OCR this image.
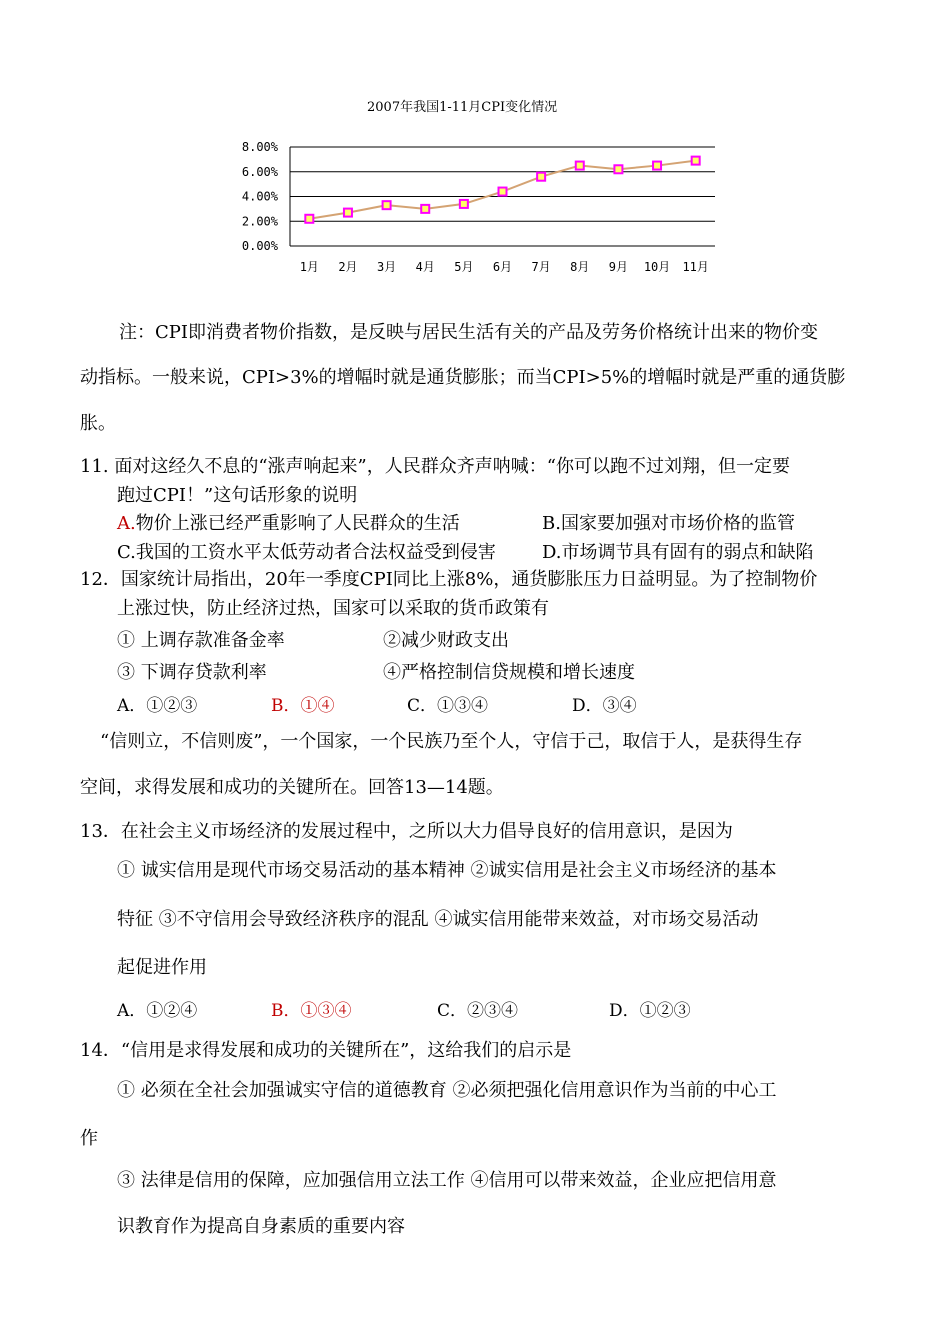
2007年我国1-11月CPI变化情况
8.00%
6.00%
4.00%
2.00%
0.00%
1月 2月 3月 4月 5月 6月 7月 8月 9月 10月 11月
注：CPI即消费者物价指数，是反映与居民生活有关的产品及劳务价格统计出来的物价变
动指标。一般来说，CPI>3%的增幅时就是通货膨胀；而当CPI>5%的增幅时就是严重的通货膨
胀。
11. 面对这经久不息的“涨声响起来”，人民群众齐声呐喊：“你可以跑不过刘翔，但一定要
跑过CPI！”这句话形象的说明
A.物价上涨已经严重影响了人民群众的生活	B.国家要加强对市场价格的监管
C.我国的工资水平太低劳动者合法权益受到侵害	D.市场调节具有固有的弱点和缺陷
12．国家统计局指出，20年一季度CPI同比上涨8%，通货膨胀压力日益明显。为了控制物价
上涨过快，防止经济过热，国家可以采取的货币政策有
① 上调存款准备金率	②减少财政支出
③ 下调存贷款利率	④严格控制信贷规模和增长速度
A．①②③	B．①④	C．①③④	D．③④
“信则立，不信则废”，一个国家，一个民族乃至个人，守信于己，取信于人，是获得生存
空间，求得发展和成功的关键所在。回答13—14题。
13．在社会主义市场经济的发展过程中，之所以大力倡导良好的信用意识，是因为
① 诚实信用是现代市场交易活动的基本精神 ②诚实信用是社会主义市场经济的基本
特征 ③不守信用会导致经济秩序的混乱 ④诚实信用能带来效益，对市场交易活动
起促进作用
A．①②④	B．①③④	C．②③④	D．①②③
14．“信用是求得发展和成功的关键所在”，这给我们的启示是
① 必须在全社会加强诚实守信的道德教育 ②必须把强化信用意识作为当前的中心工
作
③ 法律是信用的保障，应加强信用立法工作 ④信用可以带来效益，企业应把信用意
识教育作为提高自身素质的重要内容
